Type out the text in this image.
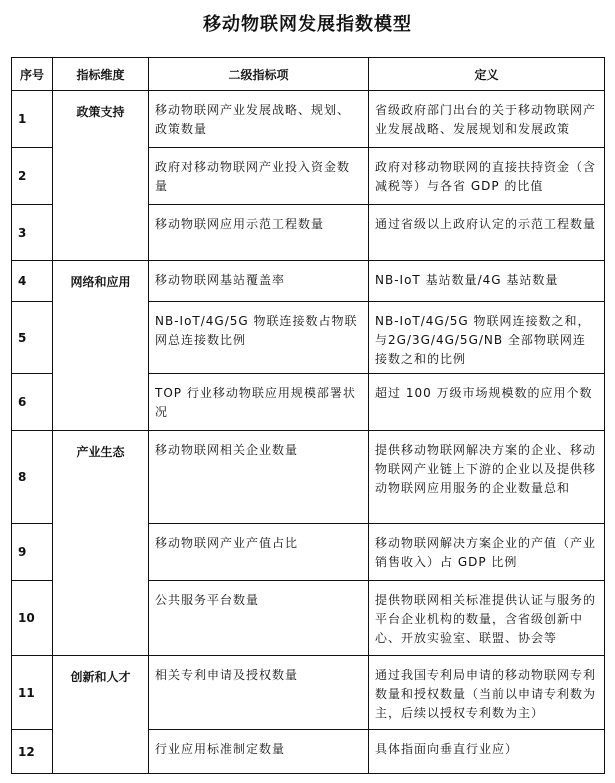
移动物联网发展指数模型
序号	指标维度	二级指标项	定义
1	政策支持	移动物联网产业发展战略、规划、政策数量	省级政府部门出台的关于移动物联网产业发展战略、发展规划和发展政策
2		政府对移动物联网产业投入资金数量	政府对移动物联网的直接扶持资金（含减税等）与各省 GDP 的比值
3		移动物联网应用示范工程数量	通过省级以上政府认定的示范工程数量
4	网络和应用	移动物联网基站覆盖率	NB-IoT 基站数量/4G 基站数量
5		NB-IoT/4G/5G 物联连接数占物联网总连接数比例	NB-IoT/4G/5G 物联网连接数之和，与2G/3G/4G/5G/NB 全部物联网连接数之和的比例
6		TOP 行业移动物联应用规模部署状况	超过 100 万级市场规模数的应用个数
8	产业生态	移动物联网相关企业数量	提供移动物联网解决方案的企业、移动物联网产业链上下游的企业以及提供移动物联网应用服务的企业数量总和
9		移动物联网产业产值占比	移动物联网解决方案企业的产值（产业销售收入）占 GDP 比例
10		公共服务平台数量	提供物联网相关标准提供认证与服务的平台企业机构的数量，含省级创新中心、开放实验室、联盟、协会等
11	创新和人才	相关专利申请及授权数量	通过我国专利局申请的移动物联网专利数量和授权数量（当前以申请专利数为主，后续以授权专利数为主）
12		行业应用标准制定数量	具体指面向垂直行业应）
